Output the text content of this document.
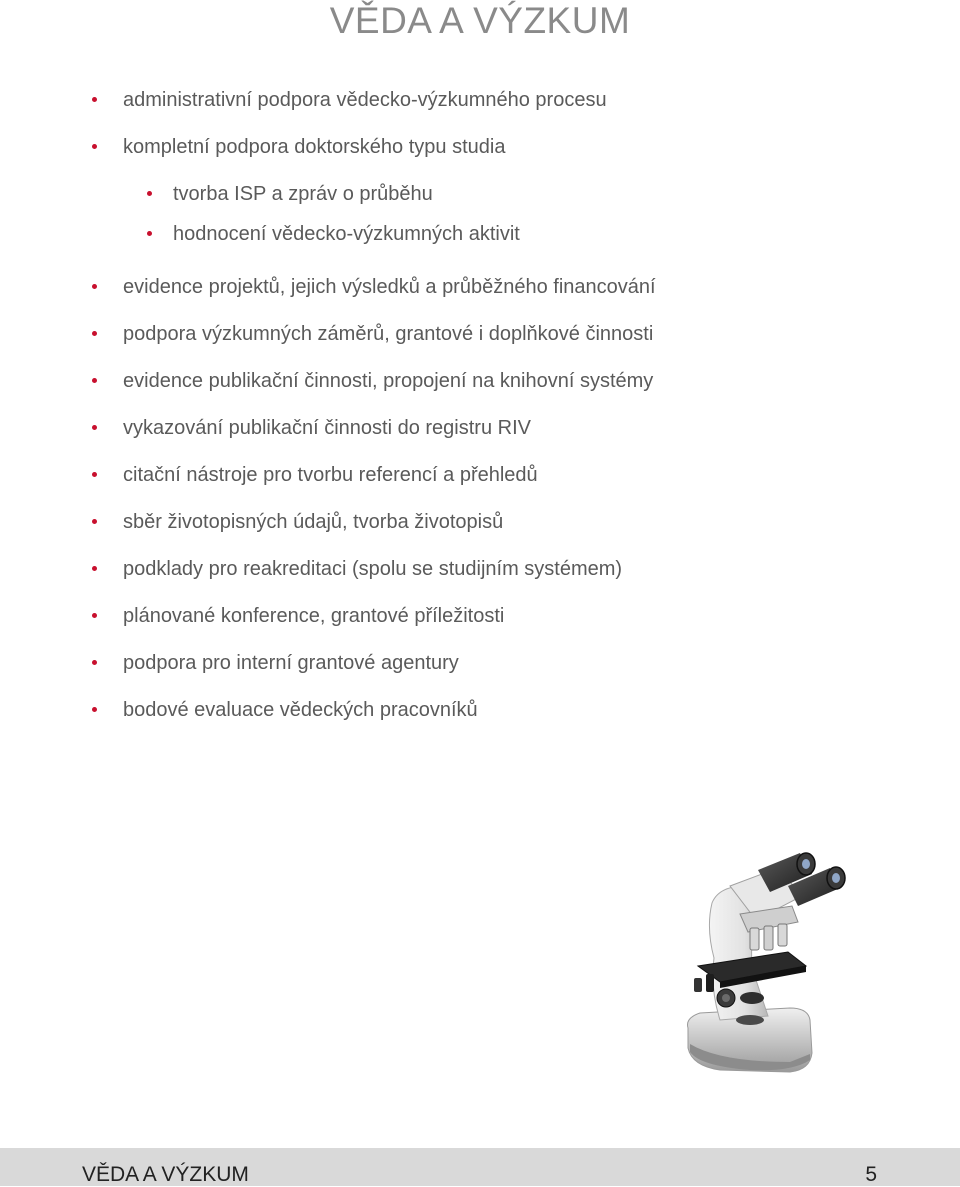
VĚDA A VÝZKUM
administrativní podpora vědecko-výzkumného procesu
kompletní podpora doktorského typu studia
tvorba ISP a zpráv o průběhu
hodnocení vědecko-výzkumných aktivit
evidence projektů, jejich výsledků a průběžného financování
podpora výzkumných záměrů, grantové i doplňkové činnosti
evidence publikační činnosti, propojení na knihovní systémy
vykazování publikační činnosti do registru RIV
citační nástroje pro tvorbu referencí a přehledů
sběr životopisných údajů, tvorba životopisů
podklady pro reakreditaci (spolu se studijním systémem)
plánované konference, grantové příležitosti
podpora pro interní grantové agentury
bodové evaluace vědeckých pracovníků
VĚDA A VÝZKUM	5
